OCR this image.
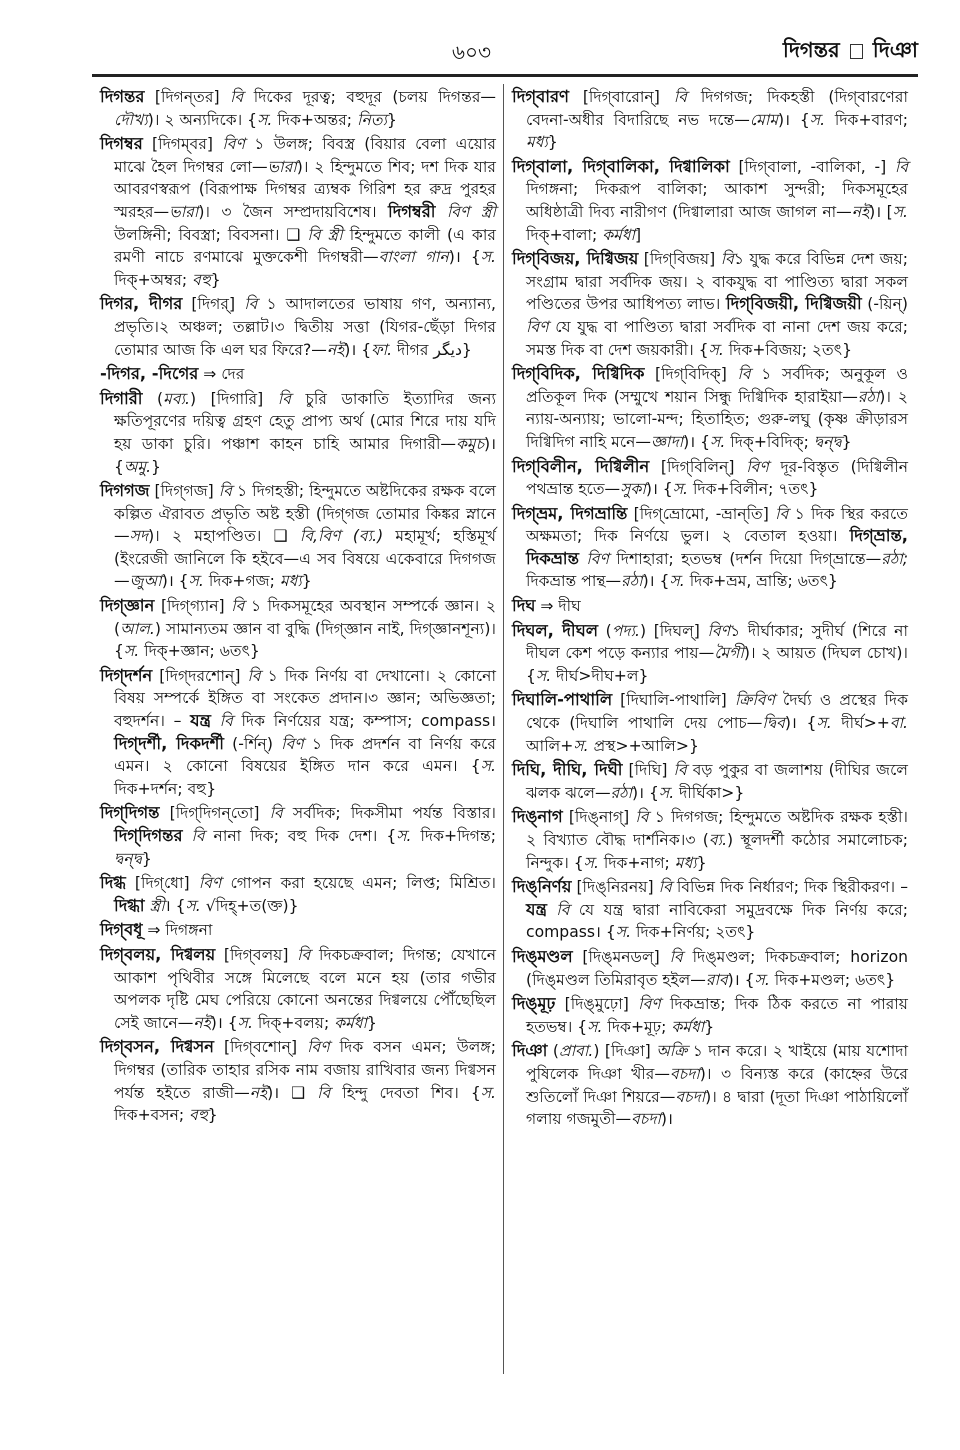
৬০৩	দিগন্তর দিঞা
দিগন্তর [দিগন্‌তর] বি দিকের দূরত্ব; বহুদূর (চলয় দিগন্তর—দৌখ্য)। ২ অন্যদিকে। {স. দিক+অন্তর; নিত্য}
দিগম্বর [দিগম্‌বর] বিণ ১ উলঙ্গ; বিবস্ত্র (বিয়ার বেলা এয়োর মাঝে হৈল দিগম্বর লো—ভারা)। ২ হিন্দুমতে শিব; দশ দিক যার আবরণস্বরূপ (বিরূপাক্ষ দিগম্বর ত্র্যম্বক গিরিশ হর রুদ্র পুরহর স্মরহর—ভারা)। ৩ জৈন সম্প্রদায়বিশেষ। দিগম্বরী বিণ স্ত্রী উলঙ্গিনী; বিবস্ত্রা; বিবসনা। ❑ বি স্ত্রী হিন্দুমতে কালী (এ কার রমণী নাচে রণমাঝে মুক্তকেশী দিগম্বরী—বাংলা গান)। {স. দিক্‌+অম্বর; বহু}
দিগর, দীগর [দিগর্] বি ১ আদালতের ভাষায় গণ, অন্যান্য, প্রভৃতি।২ অঞ্চল; তল্লাট।৩ দ্বিতীয় সত্তা (যিগর-ছেঁড়া দিগর তোমার আজ কি এল ঘর ফিরে?—নই)। {ফা. দীগর دیگر}
-দিগর, -দিগের ⇒ দের
দিগারী (মব্য.) [দিগারি] বি চুরি ডাকাতি ইত্যাদির জন্য ক্ষতিপূরণের দয়িত্ব গ্রহণ হেতু প্রাপ্য অর্থ (মোর শিরে দায় যদি হয় ডাকা চুরি। পঞ্চাশ কাহন চাহি আমার দিগারী—কমুচ)। {অমু.}
দিগগজ [দিগ্‌গজ] বি ১ দিগহস্তী; হিন্দুমতে অষ্টদিকের রক্ষক বলে কল্পিত ঐরাবত প্রভৃতি অষ্ট হস্তী (দিগ্‌গজ তোমার কিঙ্কর স্নানে—সদ)। ২ মহাপণ্ডিত। ❑ বি,বিণ (ব্য.) মহামূর্খ; হস্তিমূর্খ (ইংরেজী জানিলে কি হইবে—এ সব বিষয়ে একেবারে দিগগজ—জুআ)। {স. দিক+গজ; মধ্য}
দিগ্‌জ্ঞান [দিগ্‌গ্যান] বি ১ দিকসমূহের অবস্থান সম্পর্কে জ্ঞান। ২ (আল.) সামান্যতম জ্ঞান বা বুদ্ধি (দিগ্‌জ্ঞান নাই, দিগ্‌জ্ঞানশূন্য)। {স. দিক্‌+জ্ঞান; ৬তৎ}
দিগ্‌দর্শন [দিগ্‌দরশোন্] বি ১ দিক নির্ণয় বা দেখানো। ২ কোনো বিষয় সম্পর্কে ইঙ্গিত বা সংকেত প্রদান।৩ জ্ঞান; অভিজ্ঞতা; বহুদর্শন। – যন্ত্র বি দিক নির্ণয়ের যন্ত্র; কম্পাস; compass। দিগ্‌দর্শী, দিকদর্শী (-র্শিন্) বিণ ১ দিক প্রদর্শন বা নির্ণয় করে এমন। ২ কোনো বিষয়ের ইঙ্গিত দান করে এমন। {স. দিক+দর্শন; বহু}
দিগ্‌দিগন্ত [দিগ্‌দিগন্‌তো] বি সর্বদিক; দিকসীমা পর্যন্ত বিস্তার। দিগ্‌দিগন্তর বি নানা দিক; বহু দিক দেশ। {স. দিক+দিগন্ত; দ্বন্দ্ব}
দিগ্ধ [দিগ্‌ধো] বিণ গোপন করা হয়েছে এমন; লিপ্ত; মিশ্রিত। দিগ্ধা স্ত্রী। {স. √দিহ্‌+ত(ক্ত)}
দিগ্‌বধূ ⇒ দিগঙ্গনা
দিগ্‌বলয়, দিগ্বলয় [দিগ্‌বলয়] বি দিকচক্রবাল; দিগন্ত; যেখানে আকাশ পৃথিবীর সঙ্গে মিলেছে বলে মনে হয় (তার গভীর অপলক দৃষ্টি মেঘ পেরিয়ে কোনো অনন্তের দিগ্বলয়ে পৌঁছেছিল সেই জানে—নই)। {স. দিক্‌+বলয়; কর্মধা}
দিগ্‌বসন, দিগ্বসন [দিগ্‌বশোন্] বিণ দিক বসন এমন; উলঙ্গ; দিগম্বর (তারিক তাহার রসিক নাম বজায় রাখিবার জন্য দিগ্বসন পর্যন্ত হইতে রাজী—নই)। ❑ বি হিন্দু দেবতা শিব। {স. দিক+বসন; বহু}
দিগ্‌বারণ [দিগ্‌বারোন্] বি দিগগজ; দিকহস্তী (দিগ্‌বারণেরা বেদনা-অধীর বিদারিছে নভ দন্তে—মোম)। {স. দিক+বারণ; মধ্য}
দিগ্‌বালা, দিগ্‌বালিকা, দিগ্বালিকা [দিগ্‌বালা, -বালিকা, -] বি দিগঙ্গনা; দিকরূপ বালিকা; আকাশ সুন্দরী; দিকসমূহের অধিষ্ঠাত্রী দিব্য নারীগণ (দিগ্বালারা আজ জাগল না—নই)। [স. দিক্‌+বালা; কর্মধা]
দিগ্‌বিজয়, দিগ্বিজয় [দিগ্‌বিজয়] বি১ যুদ্ধ করে বিভিন্ন দেশ জয়; সংগ্রাম দ্বারা সর্বদিক জয়। ২ বাকযুদ্ধ বা পাণ্ডিত্য দ্বারা সকল পণ্ডিতের উপর আধিপত্য লাভ। দিগ্‌বিজয়ী, দিগ্বিজয়ী (-য়িন্) বিণ যে যুদ্ধ বা পাণ্ডিত্য দ্বারা সর্বদিক বা নানা দেশ জয় করে; সমস্ত দিক বা দেশ জয়কারী। {স. দিক+বিজয়; ২তৎ}
দিগ্‌বিদিক, দিগ্বিদিক [দিগ্‌বিদিক্] বি ১ সর্বদিক; অনুকূল ও প্রতিকূল দিক (সম্মুখে শয়ান সিন্ধু দিগ্বিদিক হারাইয়া—রঠা)। ২ ন্যায়-অন্যায়; ভালো-মন্দ; হিতাহিত; গুরু-লঘু (কৃষ্ণ ক্রীড়ারস দিগ্বিদিগ নাহি মনে—জ্ঞাদা)। {স. দিক্‌+বিদিক্‌; দ্বন্দ্ব}
দিগ্‌বিলীন, দিগ্বিলীন [দিগ্‌বিলিন্] বিণ দূর-বিস্তৃত (দিগ্বিলীন পথভ্রান্ত হতে—সুকা)। {স. দিক+বিলীন; ৭তৎ}
দিগ্‌ভ্রম, দিগভ্রান্তি [দিগ্‌ভ্রোমো, -ভ্রান্‌তি] বি ১ দিক স্থির করতে অক্ষমতা; দিক নির্ণয়ে ভুল। ২ বেতাল হওয়া। দিগ্‌ভ্রান্ত, দিকভ্রান্ত বিণ দিশাহারা; হতভম্ব (দর্শন দিয়ো দিগ্‌ভ্রান্তে—রঠা; দিকভ্রান্ত পান্থ—রঠা)। {স. দিক+ভ্রম, ভ্রান্তি; ৬তৎ}
দিঘ ⇒ দীঘ
দিঘল, দীঘল (পদ্য.) [দিঘল্] বিণ১ দীর্ঘাকার; সুদীর্ঘ (শিরে না দীঘল কেশ পড়ে কন্যার পায়—মৈগী)। ২ আয়ত (দিঘল চোখ)। {স. দীর্ঘ>দীঘ+ল}
দিঘালি-পাথালি [দিঘালি-পাথালি] ক্রিবিণ দৈর্ঘ্য ও প্রস্থের দিক থেকে (দিঘালি পাথালি দেয় পোচ—দ্বিব)। {স. দীর্ঘ>+বা. আলি+স. প্রস্থ>+আলি>}
দিঘি, দীঘি, দিঘী [দিঘি] বি বড় পুকুর বা জলাশয় (দীঘির জলে ঝলক ঝলে—রঠা)। {স. দীর্ঘিকা>}
দিঙ্‌নাগ [দিঙ্‌নাগ্] বি ১ দিগগজ; হিন্দুমতে অষ্টদিক রক্ষক হস্তী। ২ বিখ্যাত বৌদ্ধ দার্শনিক।৩ (ব্য.) স্থূলদর্শী কঠোর সমালোচক; নিন্দুক। {স. দিক+নাগ; মধ্য}
দিঙ্‌নির্ণয় [দিঙ্‌নিরনয়] বি বিভিন্ন দিক নির্ধারণ; দিক স্থিরীকরণ। –যন্ত্র বি যে যন্ত্র দ্বারা নাবিকেরা সমুদ্রবক্ষে দিক নির্ণয় করে; compass। {স. দিক+নির্ণয়; ২তৎ}
দিঙ্‌মণ্ডল [দিঙ্‌মনডল্] বি দিঙ্‌মণ্ডল; দিকচক্রবাল; horizon (দিঙ্‌মণ্ডল তিমিরাবৃত হইল—রাব)। {স. দিক+মণ্ডল; ৬তৎ}
দিঙ্‌মূঢ় [দিঙ্‌মুঢ়ো] বিণ দিকভ্রান্ত; দিক ঠিক করতে না পারায় হতভম্ব। {স. দিক+মূঢ়; কর্মধা}
দিঞা (প্রাবা.) [দিঞা] অক্রি ১ দান করে। ২ খাইয়ে (মায় যশোদা পুষিলেক দিঞা খীর—বচদা)। ৩ বিন্যস্ত করে (কাহ্নের উরে শুতিলোঁ দিঞা শিয়রে—বচদা)। ৪ দ্বারা (দূতা দিঞা পাঠায়িলোঁ গলায় গজমুতী—বচদা)।
